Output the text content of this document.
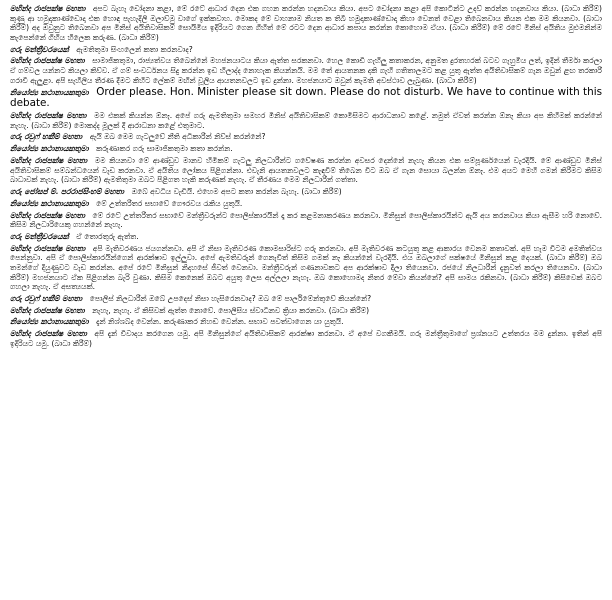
මහින්ද රාජපක්ෂ මහතා  අපට බැහැ චෝදනා කළා, මේ රටේ ආධාර දෙන එක ගහන කරන්න හදනවාය කියා. අපට චෝදනා කළා අපි කොටින්ට උදව් කරන්න හදනවාය කියා. (බාධා කිරීම්) කුණු ආ හමුදාකාණ්ඩොදා එක හොඳ පැහැදිලි ඔලාව්මු වාගේ ඉක්කවාහ. මොකද මේ වාහනාම නියත ක තිබී හමුදාකාණ්ඩොදා කිහා වෙනත් වෙළා තිබෙනවාය කියන එක මම කියනවා. (බාධා කිරීම්) අද ඔවුනුට තිබෙනවා අප මිනිස් අයිතිවාසිකම් සොයිමිය ඉදිරියට ගෙන ගිහිත් මේ රටට දෙන ආධාර කපාය කරන්න කොහොම ඒයා. (බාධා කිරීම්) මේ රටේ මිනිස් අයිතිය මුළුමනින්ම කැපෙන්නේ ගිහිය හිලෙක කරුණ. (බාධා කිරීම්)

ගරු මන්ත්‍රීවරයෙක්  ඇමතිතුමා සිංහලෙන් කතා කරනවාද?

මහින්ද රාජපක්ෂ මහතා  සාමාජිකතුමා, රාජ්‍යත්වය තිබෙන්නේ මහජනයාටය කියා ඇත්ත සරකනවා. හෙල කොඩි ගැහිලු කතාකරන, අනුමත දුරතහරක් බටව ගැහුමිය ලත්, ඉදින් තීර්මා කරලා ඒ ගම්වල යන්නට කියලා කිව්ව. ඒ ගම් සංවර්ධනය සිදු කරන්න ඉඩ හිලාද්ද නොහැක කියන්නයි. මම තේ ආයතනක දකි ගැහි ගතිතාලමට කළ යුතු ඇත්ත අයිතිවාසිකම් ගැන ඔවුන් ළඟ තරකාරී ගරාවී ඇලුළා. අපි සැහිලිය තීරණ දීමට කිහිට ලේකම් මඟින් වූලිය ආයතනවලට ඉඩ දුන්නා. මහජනයාට ඔවුන් කැමති අවස්ථාව ලැබුණා. (බාධා කිරීම්)

නියෝජ්‍ය කථානායකතුමා  Order please. Hon. Minister please sit down. Please do not disturb. We have to continue with this debate.

මහින්ද රාජපක්ෂ මහතා  මම එකක් කියන්න ඕනෑ. අපේ ගරු ඇමතිතුමා සමහර මිනිස් අයිතිවාසිකම් කොමිසිමට ආරාධනාව කළේ. නමුත් ඒවත් කරන්න ඕනෑ කියා අප කිහිමක් කරන්නේ නැහැ. (බාධා කිරීම්) මොකද්ද මූලක් දී ආරාධනා කළේ එතුමාට.

ගරු රවුෆ් හකීම් මහතා  ඇයි ඔබ මෙම ගැටලුවේ නීති අධිකාරීන් නිව්ස් කරන්නේ?

නියෝජ්‍ය කථානායකතුමා  කරුණාකර ගරු සාමාජිකතුමා කතා කරන්න.

මහින්ද රාජපක්ෂ මහතා  මම කියනවා මේ ආණ්ඩුව මානව හිමිකම් ගැටලු නිලධාරීන්ට ගවේෂණ කරන්න අවසර දෙන්නේ නැහැ කියන එක සම්පූර්ණයෙන් වැරදියි. මේ ආණ්ඩුව මිනිස් අයිතිවාසිකම් සම්බන්ධයෙන් වැඩ කරනවා. ඒ අයිතිය ලෝකය පිළිගන්නා. එවැනි ආයතනවලට කැඳවීම් තිබෙන විට ඔබ ඒ ගැන සොයා බලන්න ඕනෑ. එම අයට මෙහි ගමන් කිරීමට කිසිම බාධාවක් නැහැ. (බාධා කිරීම්) ඇමතිතුමා ඔබට පිළිගත හැකි කරුණක් නැහැ. ඒ තීරණය මෙම නිලධාරීන් ගත්තා.

ගරු ජෝසප් ම්. පරරාජසිංහම් මහතා  ඔබේ අවධිය වැඩියි. එහෙම අපට කතා කරන්න බැහැ. (බාධා කිරීම්)

නියෝජ්‍ය කථානායකතුමා  මේ උත්තරීතර සභාවේ ගෞරවය රැකිය යුතුයි.

මහින්ද රාජපක්ෂ මහතා  මේ රටේ උත්තරීතර සභාවේ මන්ත්‍රීවරුන්ට පොලිස්කාරයින් දෑ කර කළමනාකරණය කරනවා. මිනිසුන් පොලිස්කාරයින්ට ඇයි අය කරනවාය කියා ඇසීම හරි නොවේ. කිසිම නිලධාරියෙකු ගහන්නේ නැහැ.

ගරු මන්ත්‍රීවරයෙක්  ඒ තොරතුරු ඇත්ත.

මහින්ද රාජපක්ෂ මහතා  අපි මැතිවරණය ජයගන්නවා. අපි ඒ නිසා මැතිවරණ කොමසාරිස්ට ගරු කරනවා. අපි මැතිවරණ කටයුතු කළ ආකාරය වෙනම කතාවක්. අපි හැම විටම අමතිත්වය පෙන්නුවා. අපි ඒ පොලිස්කාරයින්ගෙන් ආරක්ෂාව ඉල්ලුවා. අපේ ඇමතිවරුන් ගෙනැවිත් කිසිම ගමක් නෑ කියන්නේ වැරදියි. එය ඔබලාගේ පක්ෂයේ මිනිසුන් කළ දෙයක්. (බාධා කිරීම්) ඔබ තමන්ගේ දියුණුවට වැඩ කරන්න. අපේ රටේ මිනිසුන් නිදහසේ ජීවත් වෙනවා. මන්ත්‍රීවරුන් ගණනාවකට අප ආරක්ෂාව දීලා තියෙනවා. රජයේ නිලධාරීන් දැනුවත් කරලා තියෙනවා. (බාධා කිරීම්) මහජනයාට ඒක පිළිගන්න බැරි වුණා. කිසිම කෙනෙක් ඔබට අයුතු ලෙස අල්ලලා නැහැ. ඔබ කොහොමද නිතර මේවා කියන්නේ? අපි සාමය රකිනවා. (බාධා කිරීම්) කිසිවෙක් ඔබට ගහලා නැහැ. ඒ අසත්‍යයක්.

ගරු රවුෆ් හකීම් මහතා  පොලිස් නිලධාරීන් ඔබේ උපදෙස් නිසා හැසිරෙනවාද? ඔබ මේ පාර්ලිමේන්තුවේ කියන්නේ?

මහින්ද රාජපක්ෂ මහතා  නැහැ, නැහැ. ඒ කිසිවක් ඇත්ත නොවේ. පොලිසිය ස්වාධීනව ක්‍රියා කරනවා. (බාධා කිරීම්)

නියෝජ්‍ය කථානායකතුමා  දැන් නිශ්ශබ්ද වෙන්න. කරුණාකර නිහඬ වෙන්න. සභාව පවත්වාගෙන යා යුතුයි.

මහින්ද රාජපක්ෂ මහතා  අපි දැන් විවාදය කරගෙන යමු. අපි මිනිසුන්ගේ අයිතිවාසිකම් ආරක්ෂා කරනවා. ඒ අපේ වගකීමයි. ගරු මන්ත්‍රීතුමාගේ ප්‍රශ්නයට උත්තරය මම දුන්නා. ඉතින් අපි ඉදිරියට යමු. (බාධා කිරීම්)
